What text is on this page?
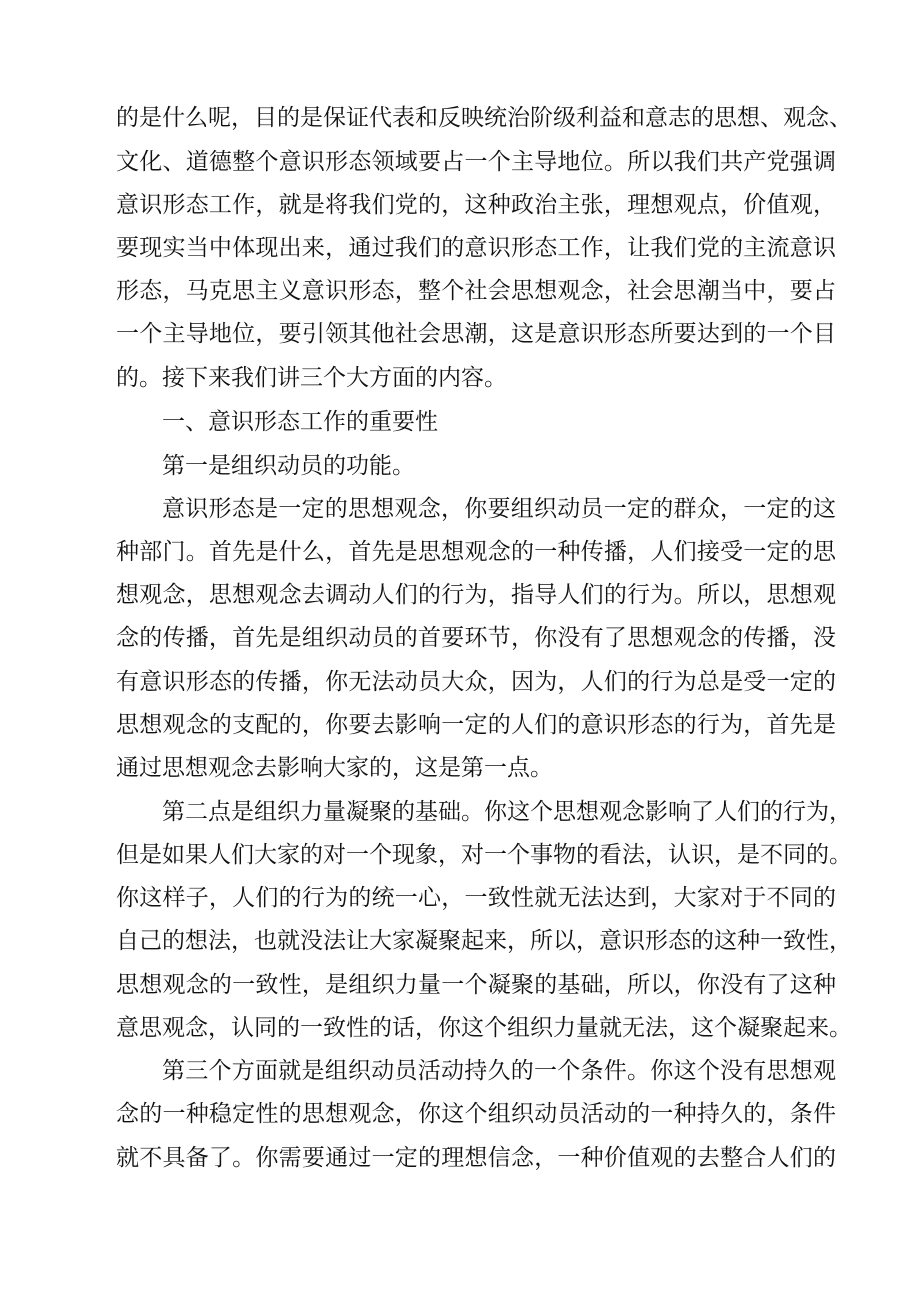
的是什么呢，目的是保证代表和反映统治阶级利益和意志的思想、观念、
文化、道德整个意识形态领域要占一个主导地位。所以我们共产党强调
意识形态工作，就是将我们党的，这种政治主张，理想观点，价值观，
要现实当中体现出来，通过我们的意识形态工作，让我们党的主流意识
形态，马克思主义意识形态，整个社会思想观念，社会思潮当中，要占
一个主导地位，要引领其他社会思潮，这是意识形态所要达到的一个目
的。接下来我们讲三个大方面的内容。
一、意识形态工作的重要性
第一是组织动员的功能。
意识形态是一定的思想观念，你要组织动员一定的群众，一定的这
种部门。首先是什么，首先是思想观念的一种传播，人们接受一定的思
想观念，思想观念去调动人们的行为，指导人们的行为。所以，思想观
念的传播，首先是组织动员的首要环节，你没有了思想观念的传播，没
有意识形态的传播，你无法动员大众，因为，人们的行为总是受一定的
思想观念的支配的，你要去影响一定的人们的意识形态的行为，首先是
通过思想观念去影响大家的，这是第一点。
第二点是组织力量凝聚的基础。你这个思想观念影响了人们的行为，
但是如果人们大家的对一个现象，对一个事物的看法，认识，是不同的。
你这样子，人们的行为的统一心，一致性就无法达到，大家对于不同的
自己的想法，也就没法让大家凝聚起来，所以，意识形态的这种一致性，
思想观念的一致性，是组织力量一个凝聚的基础，所以，你没有了这种
意思观念，认同的一致性的话，你这个组织力量就无法，这个凝聚起来。
第三个方面就是组织动员活动持久的一个条件。你这个没有思想观
念的一种稳定性的思想观念，你这个组织动员活动的一种持久的，条件
就不具备了。你需要通过一定的理想信念，一种价值观的去整合人们的
